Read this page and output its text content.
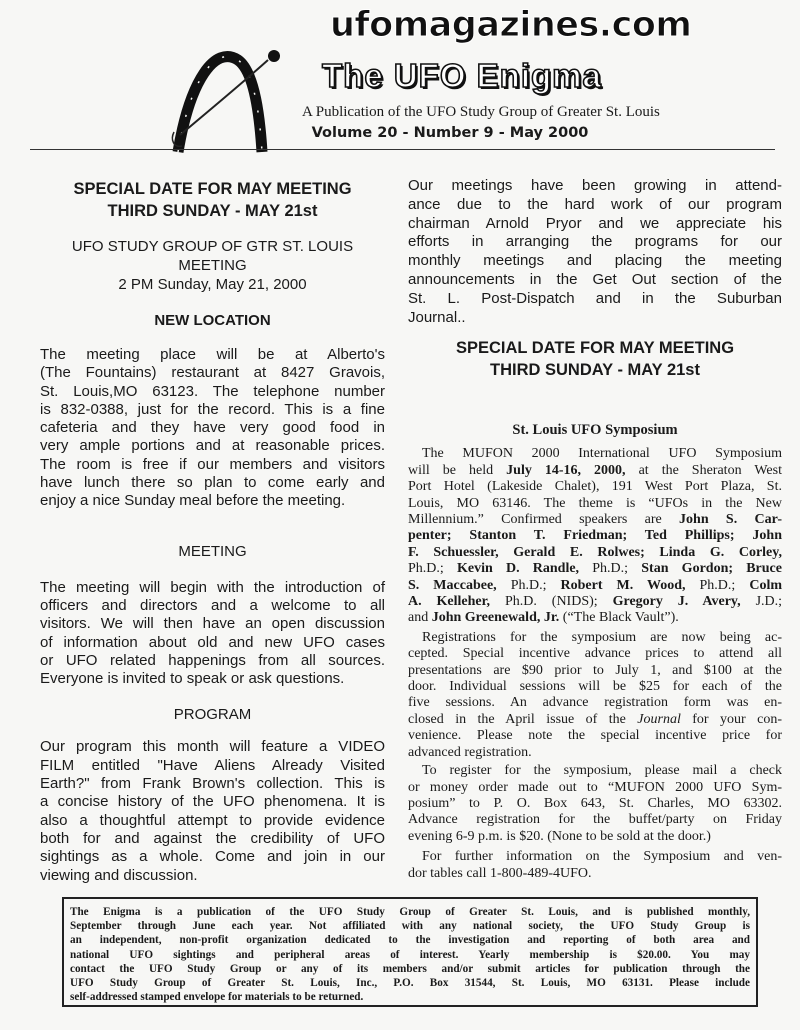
ufomagazines.com
The UFO Enigma
A Publication of the UFO Study Group of Greater St. Louis
Volume 20 - Number 9 - May 2000
SPECIAL DATE FOR MAY MEETING
THIRD SUNDAY - MAY 21st
UFO STUDY GROUP OF GTR ST. LOUIS
MEETING
2 PM Sunday, May 21, 2000
NEW LOCATION
The meeting place will be at Alberto's
(The Fountains) restaurant at 8427 Gravois,
St. Louis,MO 63123. The telephone number
is 832-0388, just for the record. This is a fine
cafeteria and they have very good food in
very ample portions and at reasonable prices.
The room is free if our members and visitors
have lunch there so plan to come early and
enjoy a nice Sunday meal before the meeting.
MEETING
The meeting will begin with the introduction of
officers and directors and a welcome to all
visitors. We will then have an open discussion
of information about old and new UFO cases
or UFO related happenings from all sources.
Everyone is invited to speak or ask questions.
PROGRAM
Our program this month will feature a VIDEO
FILM entitled "Have Aliens Already Visited
Earth?" from Frank Brown's collection. This is
a concise history of the UFO phenomena. It is
also a thoughtful attempt to provide evidence
both for and against the credibility of UFO
sightings as a whole. Come and join in our
viewing and discussion.
Our meetings have been growing in attend-
ance due to the hard work of our program
chairman Arnold Pryor and we appreciate his
efforts in arranging the programs for our
monthly meetings and placing the meeting
announcements in the Get Out section of the
St. L. Post-Dispatch and in the Suburban
Journal..
SPECIAL DATE FOR MAY MEETING
THIRD SUNDAY - MAY 21st
St. Louis UFO Symposium
 The MUFON 2000 International UFO Symposium
will be held July 14-16, 2000, at the Sheraton West
Port Hotel (Lakeside Chalet), 191 West Port Plaza, St.
Louis, MO 63146. The theme is “UFOs in the New
Millennium.” Confirmed speakers are John S. Car-
penter; Stanton T. Friedman; Ted Phillips; John
F. Schuessler, Gerald E. Rolwes; Linda G. Corley,
Ph.D.; Kevin D. Randle, Ph.D.; Stan Gordon; Bruce
S. Maccabee, Ph.D.; Robert M. Wood, Ph.D.; Colm
A. Kelleher, Ph.D. (NIDS); Gregory J. Avery, J.D.;
and John Greenewald, Jr. (“The Black Vault”).
 Registrations for the symposium are now being ac-
cepted. Special incentive advance prices to attend all
presentations are $90 prior to July 1, and $100 at the
door. Individual sessions will be $25 for each of the
five sessions. An advance registration form was en-
closed in the April issue of the Journal for your con-
venience. Please note the special incentive price for
advanced registration.
 To register for the symposium, please mail a check
or money order made out to “MUFON 2000 UFO Sym-
posium” to P. O. Box 643, St. Charles, MO 63302.
Advance registration for the buffet/party on Friday
evening 6-9 p.m. is $20. (None to be sold at the door.)
 For further information on the Symposium and ven-
dor tables call 1-800-489-4UFO.
The Enigma is a publication of the UFO Study Group of Greater St. Louis, and is published monthly,
September through June each year. Not affiliated with any national society, the UFO Study Group is
an independent, non-profit organization dedicated to the investigation and reporting of both area and
national UFO sightings and peripheral areas of interest. Yearly membership is $20.00. You may
contact the UFO Study Group or any of its members and/or submit articles for publication through the
UFO Study Group of Greater St. Louis, Inc., P.O. Box 31544, St. Louis, MO 63131. Please include
self-addressed stamped envelope for materials to be returned.
